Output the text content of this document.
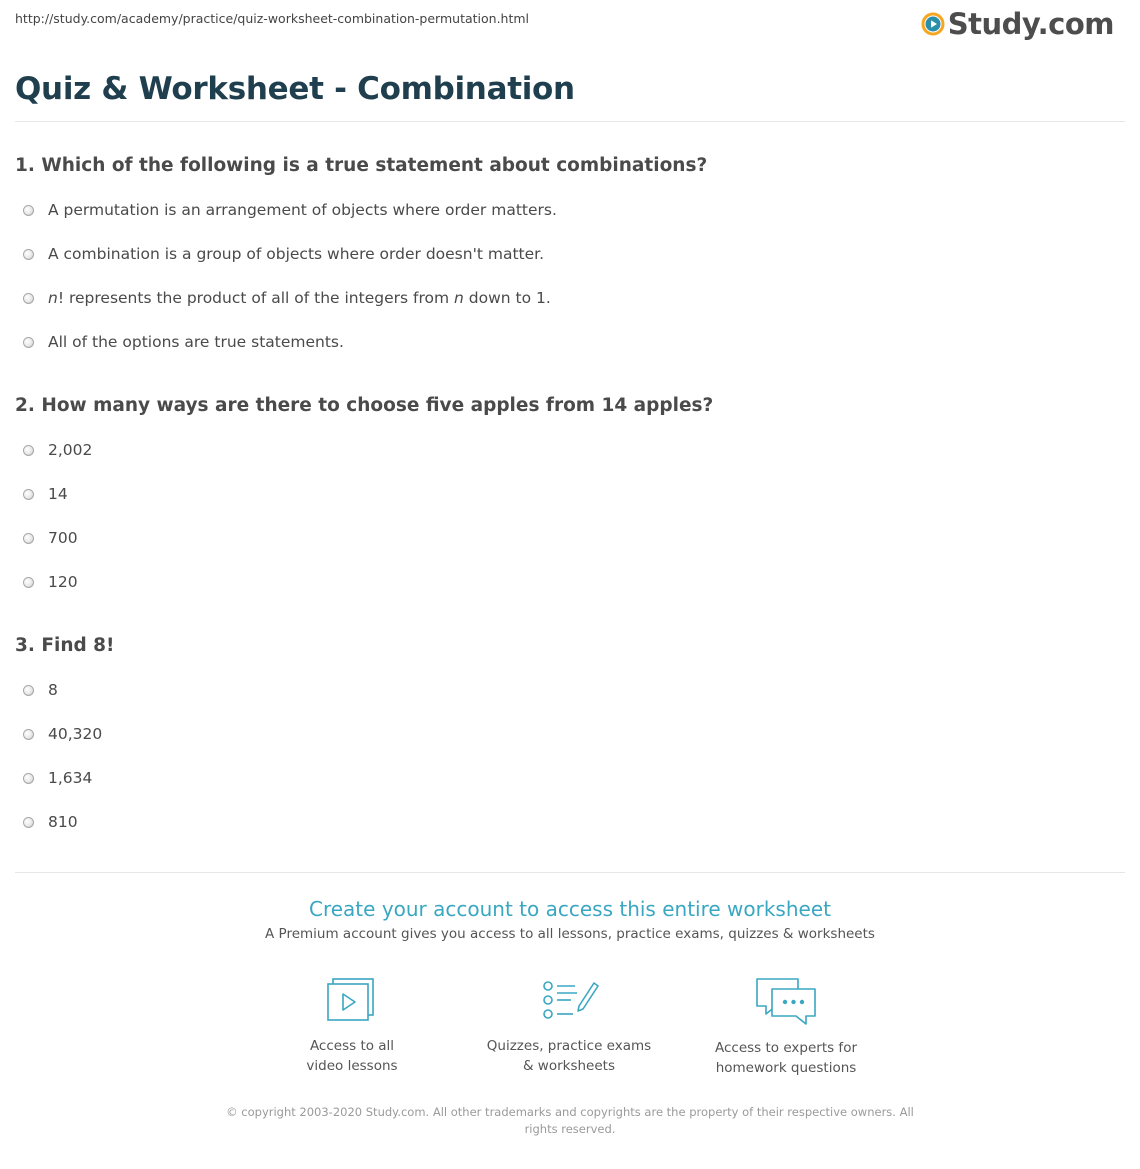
http://study.com/academy/practice/quiz-worksheet-combination-permutation.html	Study.com
Quiz & Worksheet - Combination
1. Which of the following is a true statement about combinations?
A permutation is an arrangement of objects where order matters.
A combination is a group of objects where order doesn't matter.
n! represents the product of all of the integers from n down to 1.
All of the options are true statements.
2. How many ways are there to choose five apples from 14 apples?
2,002
14
700
120
3. Find 8!
8
40,320
1,634
810
Create your account to access this entire worksheet
A Premium account gives you access to all lessons, practice exams, quizzes & worksheets
Access to all
video lessons
Quizzes, practice exams
& worksheets
Access to experts for
homework questions
© copyright 2003-2020 Study.com. All other trademarks and copyrights are the property of their respective owners. All rights reserved.
